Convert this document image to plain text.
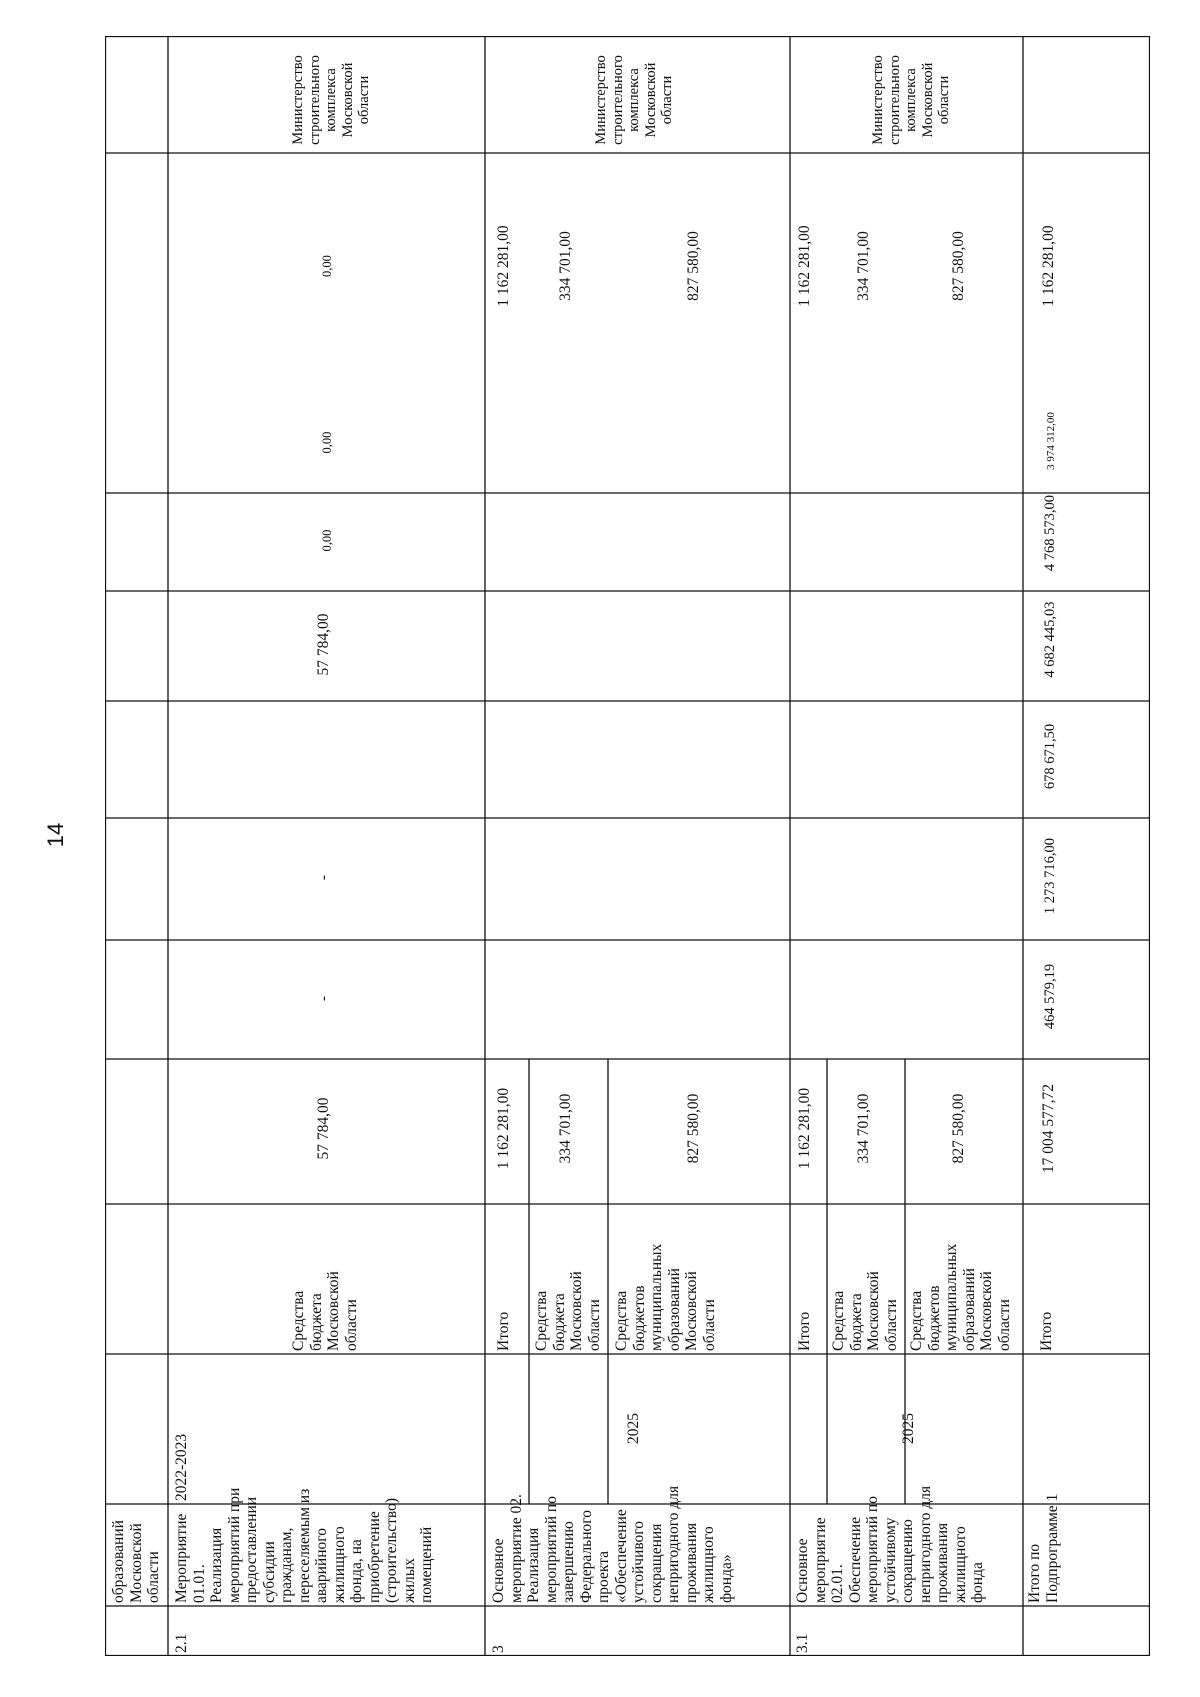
14
образований
Московской
области
2.1
Мероприятие
01.01.
Реализация
мероприятий при
предоставлении
субсидии
гражданам,
переселяемым из
аварийного
жилищного
фонда, на
приобретение
(строительство)
жилых
помещений
2022-2023
Средства
бюджета
Московской
области
57 784,00
-
-
57 784,00
0,00
0,00
0,00
Министерство
строительного
комплекса
Московской
области
3
Основное
мероприятие 02.
Реализация
мероприятий по
завершению
Федерального
проекта
«Обеспечение
устойчивого
сокращения
непригодного для
проживания
жилищного
фонда»
2025
Итого
1 162 281,00
1 162 281,00
Средства
бюджета
Московской
области
334 701,00
334 701,00
Средства
бюджетов
муниципальных
образований
Московской
области
827 580,00
827 580,00
Министерство
строительного
комплекса
Московской
области
3.1
Основное
мероприятие
02.01.
Обеспечение
мероприятий по
устойчивому
сокращению
непригодного для
проживания
жилищного
фонда
2025
Итого
1 162 281,00
1 162 281,00
Средства
бюджета
Московской
области
334 701,00
334 701,00
Средства
бюджетов
муниципальных
образований
Московской
области
827 580,00
827 580,00
Министерство
строительного
комплекса
Московской
области
Итого по
Подпрограмме 1
Итого
17 004 577,72
464 579,19
1 273 716,00
678 671,50
4 682 445,03
4 768 573,00
3 974 312,00
1 162 281,00
